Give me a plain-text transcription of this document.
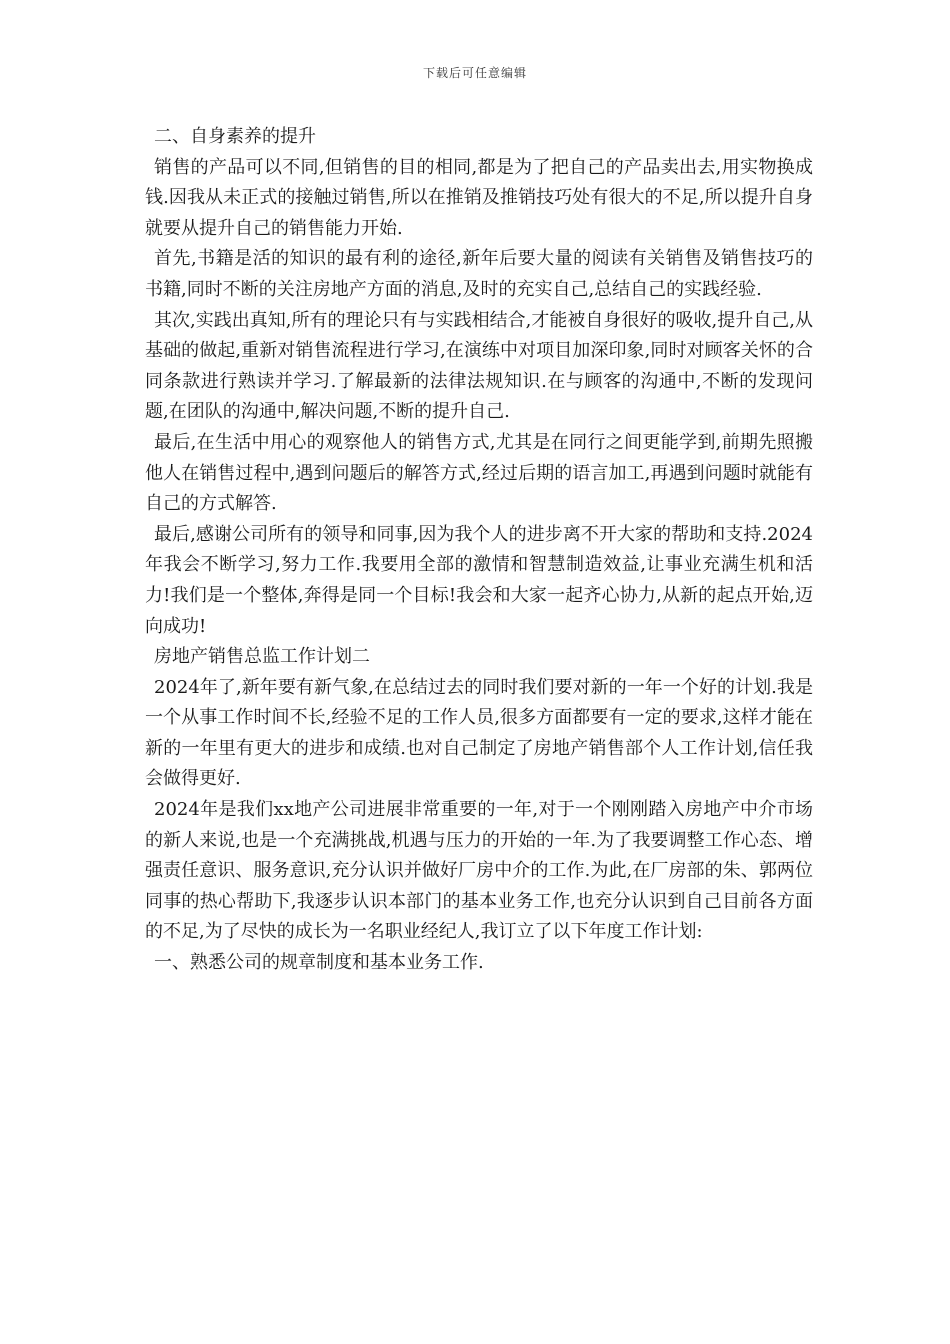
下载后可任意编辑

二、自身素养的提升

销售的产品可以不同,但销售的目的相同,都是为了把自己的产品卖出去,用实物换成钱.因我从未正式的接触过销售,所以在推销及推销技巧处有很大的不足,所以提升自身就要从提升自己的销售能力开始.

首先,书籍是活的知识的最有利的途径,新年后要大量的阅读有关销售及销售技巧的书籍,同时不断的关注房地产方面的消息,及时的充实自己,总结自己的实践经验.

其次,实践出真知,所有的理论只有与实践相结合,才能被自身很好的吸收,提升自己,从基础的做起,重新对销售流程进行学习,在演练中对项目加深印象,同时对顾客关怀的合同条款进行熟读并学习.了解最新的法律法规知识.在与顾客的沟通中,不断的发现问题,在团队的沟通中,解决问题,不断的提升自己.

最后,在生活中用心的观察他人的销售方式,尤其是在同行之间更能学到,前期先照搬他人在销售过程中,遇到问题后的解答方式,经过后期的语言加工,再遇到问题时就能有自己的方式解答.

最后,感谢公司所有的领导和同事,因为我个人的进步离不开大家的帮助和支持.2024年我会不断学习,努力工作.我要用全部的激情和智慧制造效益,让事业充满生机和活力!我们是一个整体,奔得是同一个目标!我会和大家一起齐心协力,从新的起点开始,迈向成功!

房地产销售总监工作计划二

2024年了,新年要有新气象,在总结过去的同时我们要对新的一年一个好的计划.我是一个从事工作时间不长,经验不足的工作人员,很多方面都要有一定的要求,这样才能在新的一年里有更大的进步和成绩.也对自己制定了房地产销售部个人工作计划,信任我会做得更好.

2024年是我们xx地产公司进展非常重要的一年,对于一个刚刚踏入房地产中介市场的新人来说,也是一个充满挑战,机遇与压力的开始的一年.为了我要调整工作心态、增强责任意识、服务意识,充分认识并做好厂房中介的工作.为此,在厂房部的朱、郭两位同事的热心帮助下,我逐步认识本部门的基本业务工作,也充分认识到自己目前各方面的不足,为了尽快的成长为一名职业经纪人,我订立了以下年度工作计划:

一、熟悉公司的规章制度和基本业务工作.
